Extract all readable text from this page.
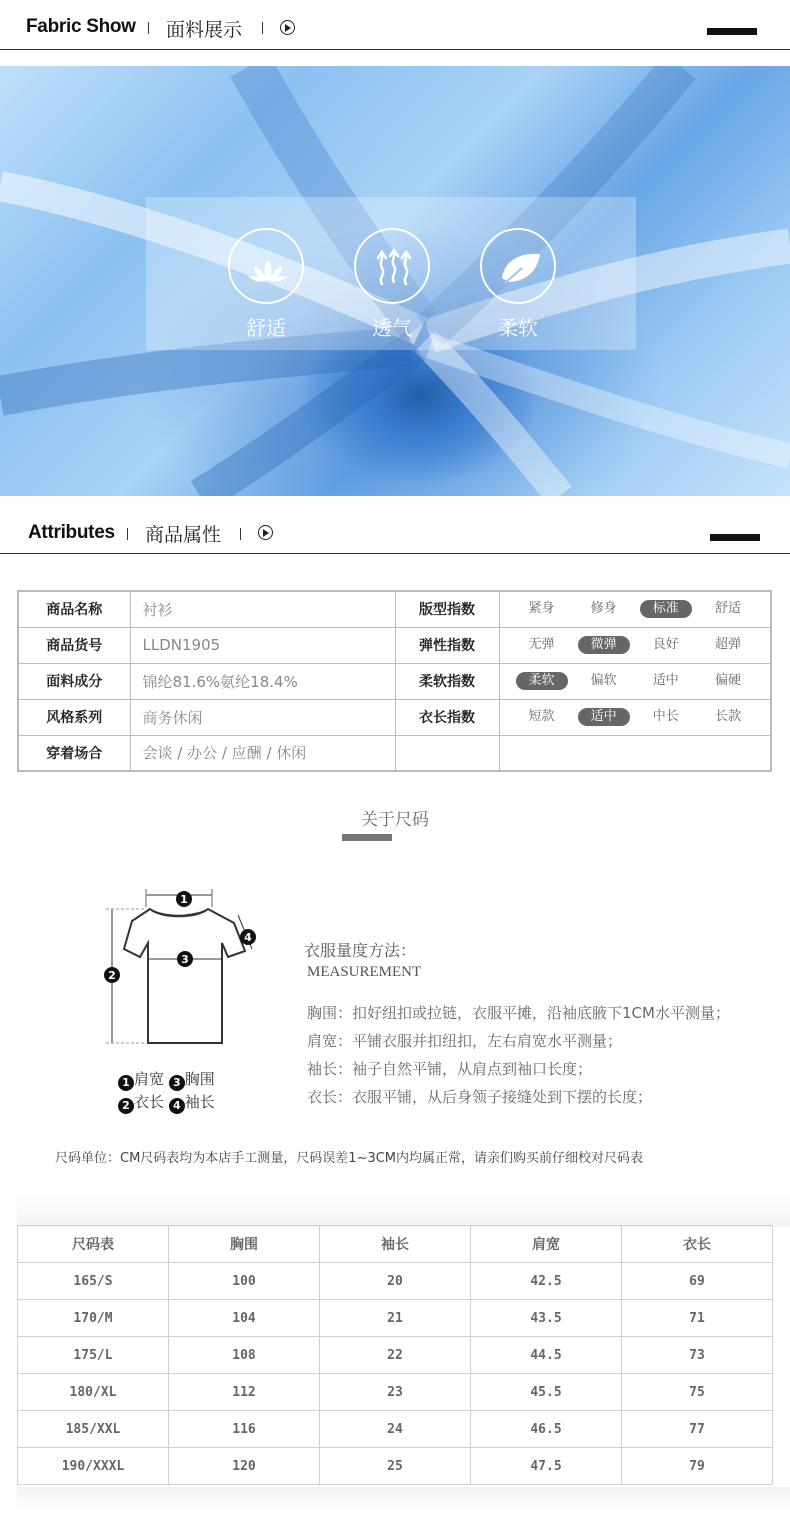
Fabric Show 面料展示
舒适	透气	柔软
Attributes 商品属性
商品名称	衬衫	版型指数	紧身 修身 标准 舒适

商品货号	LLDN1905	弹性指数	无弹 微弹 良好 超弹

面料成分	锦纶81.6%氨纶18.4%	柔软指数	柔软 偏软 适中 偏硬

风格系列	商务休闲	衣长指数	短款 适中 中长 长款

穿着场合	会谈 / 办公 / 应酬 / 休闲		
关于尺码
1
2
3
4
1 肩宽 3 胸围
2 衣长 4 袖长
衣服量度方法：
MEASUREMENT
胸围：扣好纽扣或拉链，衣服平摊，沿袖底腋下1CM水平测量；
肩宽：平铺衣服并扣纽扣，左右肩宽水平测量；
袖长：袖子自然平铺，从肩点到袖口长度；
衣长：衣服平铺，从后身领子接缝处到下摆的长度；
尺码单位：CM尺码表均为本店手工测量，尺码误差1~3CM内均属正常，请亲们购买前仔细校对尺码表
尺码表	胸围	袖长	肩宽	衣长
165/S	100	20	42.5	69
170/M	104	21	43.5	71
175/L	108	22	44.5	73
180/XL	112	23	45.5	75
185/XXL	116	24	46.5	77
190/XXXL	120	25	47.5	79
